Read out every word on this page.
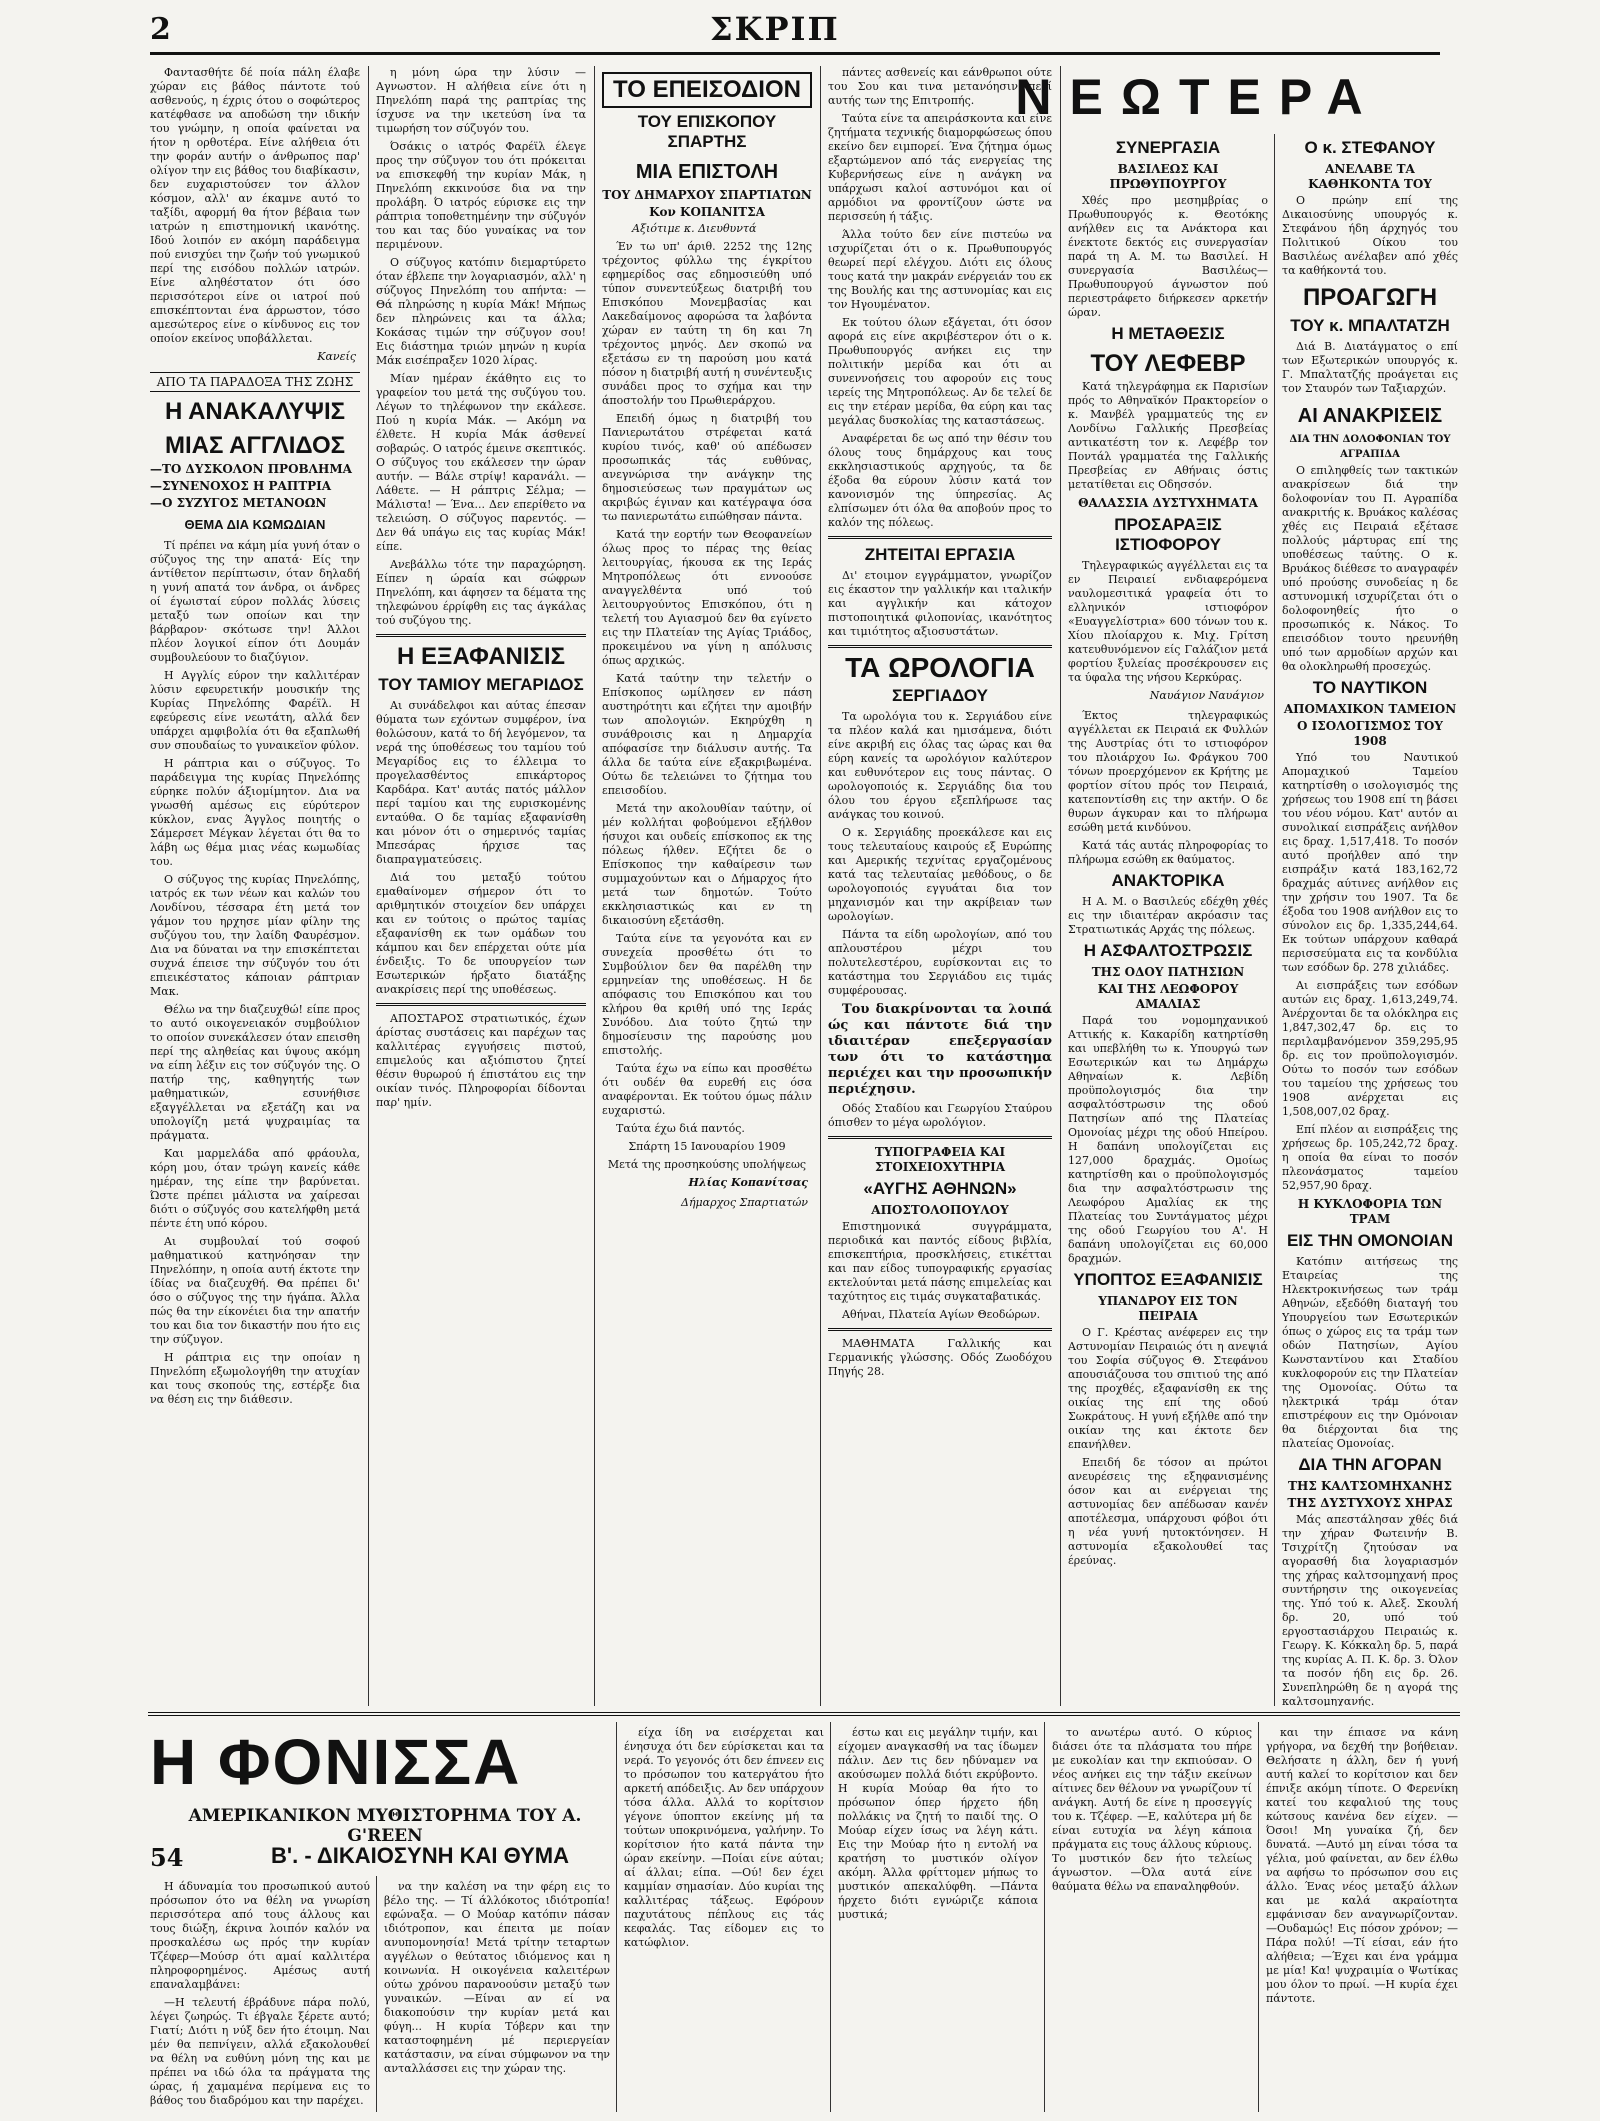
2	ΣΚΡΙΠ

Φαντασθήτε δέ ποία πάλη έλαβε χώραν εις βάθος πάντοτε τού ασθενούς, η έχρις ότου ο σοφώτερος κατέφθασε να αποδώση την ιδικήν του γνώμην, η οποία φαίνεται να ήτον η ορθοτέρα. Είνε αλήθεια ότι την φοράν αυτήν ο άνθρωπος παρ' ολίγον την εις βάθος του διαβίκασιν, δεν ευχαριστούσεν τον άλλον κόσμον, αλλ' αν έκαμνε αυτό το ταξίδι, αφορμή θα ήτον βέβαια των ιατρών η επιστημονική ικανότης. Ιδού λοιπόν εν ακόμη παράδειγμα πού ενισχύει την ζωήν τού γνωμικού περί της εισόδου πολλών ιατρών. Είνε αληθέστατον ότι όσο περισσότεροι είνε οι ιατροί πού επισκέπτονται ένα άρρωστον, τόσο αμεσώτερος είνε ο κίνδυνος εις τον οποίον εκείνος υποβάλλεται.

Κανείς
ΑΠΟ ΤΑ ΠΑΡΑΔΟΞΑ ΤΗΣ ΖΩΗΣ
Η ΑΝΑΚΑΛΥΨΙΣ
ΜΙΑΣ ΑΓΓΛΙΔΟΣ
—ΤΟ ΔΥΣΚΟΛΟΝ ΠΡΟΒΛΗΜΑ
—ΣΥΝΕΝΟΧΟΣ Η ΡΑΠΤΡΙΑ
—Ο ΣΥΖΥΓΟΣ ΜΕΤΑΝΟΩΝ
ΘΕΜΑ ΔΙΑ ΚΩΜΩΔΙΑΝ

Τί πρέπει να κάμη μία γυνή όταν ο σύζυγος της την απατά· Είς την άντίθετον περίπτωσιν, όταν δηλαδή η γυνή απατά τον άνδρα, οι άνδρες οί έγωισταί εύρον πολλάς λύσεις μεταξύ των οποίων και την βάρβαρον· σκότωσε την! Άλλοι πλέον λογικοί είπον ότι Δουμάν συμβουλεύουν το διαζύγιον.

Η Αγγλίς εύρον την καλλιτέραν λύσιν εφευρετικήν μουσικήν της Κυρίας Πηνελόπης Φαρέϊλ. Η εφεύρεσις είνε νεωτάτη, αλλά δεν υπάρχει αμφιβολία ότι θα εξαπλωθή συν σπουδαίως το γυναικεϊον φύλον.

Η ράπτρια και ο σύζυγος. Το παράδειγμα της κυρίας Πηνελόπης εύρηκε πολύν άξιομίμητον. Δια να γνωσθή αμέσως εις εύρύτερον κύκλον, ενας Άγγλος ποιητής ο Σάμερσετ Μέγκαν λέγεται ότι θα το λάβη ως θέμα μιας νέας κωμωδίας του.

Ο σύζυγος της κυρίας Πηνελόπης, ιατρός εκ των νέων και καλών του Λονδίνου, τέσσαρα έτη μετά τον γάμον του ηρχησε μίαν φίλην της συζύγου του, την λαίδη Φαυρέσμον. Δια να δύναται να την επισκέπτεται συχνά έπεισε την σύζυγόν του ότι επιεικέστατος κάποιαν ράπτριαν Μακ.

Θέλω να την διαζευχθώ! είπε προς το αυτό οικογενειακόν συμβούλιον το οποίον συνεκάλεσεν όταν επεισθη περί της αληθείας και ύψους ακόμη να είπη λέξιν εις τον σύζυγόν της. Ο πατήρ της, καθηγητής των μαθηματικών, εσυνήθισε εξαγγέλλεται να εξετάζη και να υπολογίζη μετά ψυχραιμίας τα πράγματα.

Και μαρμελάδα από φράουλα, κόρη μου, όταν τρώγη κανείς κάθε ημέραν, της είπε την βαρύνεται. Ώστε πρέπει μάλιστα να χαίρεσαι διότι ο σύζυγός σου κατελήφθη μετά πέντε έτη υπό κόρου.

Αι συμβουλαί τού σοφού μαθηματικού κατηνόησαν την Πηνελόπην, η οποία αυτή έκτοτε την ίδίας να διαζευχθή. Θα πρέπει δι' όσο ο σύζυγος της την ήγάπα. Άλλα πώς θα την είκονέιει δια την απατήν του και δια τον δικαστήν που ήτο εις την σύζυγον.

Η ράπτρια εις την οποίαν η Πηνελόπη εξωμολογήθη την ατυχίαν και τους σκοπούς της, εστέρξε δια να θέση εις την διάθεσιν.

η μόνη ώρα την λύσιν —Αγνωστον. Η αλήθεια είνε ότι η Πηνελόπη παρά της ραπτρίας της ίσχυσε να την ικετεύση ίνα τα τιμωρήση τον σύζυγόν του.

Όσάκις ο ιατρός Φαρέϊλ έλεγε προς την σύζυγον του ότι πρόκειται να επισκεφθή την κυρίαν Μάκ, η Πηνελόπη εκκινούσε δια να την προλάβη. Ό ιατρός εύρισκε εις την ράπτρια τοποθετημένην την σύζυγόν του και τας δύο γυναίκας να τον περιμένουν.

Ο σύζυγος κατόπιν διεμαρτύρετο όταν έβλεπε την λογαριασμόν, αλλ' η σύζυγος Πηνελόπη του απήντα: — Θά πληρώσης η κυρία Μάκ! Μήπως δεν πληρώνεις και τα άλλα; Κοκάσας τιμών την σύζυγον σου! Εις διάστημα τριών μηνών η κυρία Μάκ εισέπραξεν 1020 λίρας.

Μίαν ημέραν έκάθητο εις το γραφείον του μετά της συζύγου του. Λέγων το τηλέφωνον την εκάλεσε. Πού η κυρία Μάκ. — Ακόμη να έλθετε. Η κυρία Μάκ άσθενεί σοβαρώς. Ο ιατρός έμεινε σκεπτικός. Ο σύζυγος του εκάλεσεν την ώραν αυτήν. — Βάλε στρίψ! καρανάλι. — Λάθετε. — Η ράπτρις Σέλμα; — Μάλιστα! — Ένα... Δεν επερίθετο να τελειώση. Ο σύζυγος παρεντός. — Δεν θά υπάγω εις τας κυρίας Μάκ! είπε.

Ανεβάλλω τότε την παραχώρηση. Είπεν η ώραία και σώφρων Πηνελόπη, και άφησεν τα δέματα της τηλεφώνου έρρίφθη εις τας άγκάλας τού συζύγου της.

Η ΕΞΑΦΑΝΙΣΙΣ
ΤΟΥ ΤΑΜΙΟΥ ΜΕΓΑΡΙΔΟΣ

Αι συνάδελφοι και αύτας έπεσαν θύματα των εχόντων συμφέρον, ίνα θολώσουν, κατά το δή λεγόμενον, τα νερά της ύποθέσεως του ταμίου τού Μεγαρίδος εις το έλλειμα το προγελασθέντος επικάρτορος Καρδάρα. Κατ' αυτάς πατός μάλλον περί ταμίου και της ευρισκομένης ενταύθα. Ο δε ταμίας εξαφανίσθη και μόνον ότι ο σημερινός ταμίας Μπεσάρας ήρχισε τας διαπραγματεύσεις.

Διά του μεταξύ τούτου εμαθαίνομεν σήμερον ότι το αριθμητικόν στοιχείον δεν υπάρχει και εν τούτοις ο πρώτος ταμίας εξαφανίσθη εκ των ομάδων του κάμπου και δεν επέρχεται ούτε μία ένδειξις. Το δε υπουργείον των Εσωτερικών ήρξατο διατάξης ανακρίσεις περί της υποθέσεως.

ΑΠΟΣΤΑΡΟΣ στρατιωτικός, έχων άρίστας συστάσεις και παρέχων τας καλλιτέρας εγγυήσεις πιστού, επιμελούς και αξιόπιστου ζητεί θέσιν θυρωρού ή έπιστάτου εις την οικίαν τινός. Πληροφορίαι δίδονται παρ' ημίν.

ΤΟ ΕΠΕΙΣΟΔΙΟΝ
ΤΟΥ ΕΠΙΣΚΟΠΟΥ ΣΠΑΡΤΗΣ
ΜΙΑ ΕΠΙΣΤΟΛΗ
ΤΟΥ ΔΗΜΑΡΧΟΥ ΣΠΑΡΤΙΑΤΩΝ
Κον ΚΟΠΑΝΙΤΣΑ

Αξιότιμε κ. Διευθυντά

Έν τω υπ' άριθ. 2252 της 12ης τρέχοντος φύλλω της έγκρίτου εφημερίδος σας εδημοσιεύθη υπό τύπον συνεντεύξεως διατριβή του Επισκόπου Μονεμβασίας και Λακεδαίμονος αφορώσα τα λαβόντα χώραν εν ταύτη τη 6η και 7η τρέχοντος μηνός. Δεν σκοπώ να εξετάσω εν τη παρούση μου κατά πόσον η διατριβή αυτή η συνέντευξις συνάδει προς το σχήμα και την άποστολήν του Πρωθιεράρχου.

Επειδή όμως η διατριβή του Πανιερωτάτου στρέφεται κατά κυρίου τινός, καθ' ού απέδωσεν προσωπικάς τάς ευθύνας, ανεγνώρισα την ανάγκην της δημοσιεύσεως των πραγμάτων ως ακριβώς έγιναν και κατέγραψα όσα τω πανιερωτάτω ειπώθησαν πάντα.

Κατά την εορτήν των Θεοφανείων όλως προς το πέρας της θείας λειτουργίας, ήκουσα εκ της Ιεράς Μητροπόλεως ότι εννοούσε αναγγελθέντα υπό τού λειτουργούντος Επισκόπου, ότι η τελετή του Αγιασμού δεν θα εγίνετο εις την Πλατείαν της Αγίας Τριάδος, προκειμένου να γίνη η απόλυσις όπως αρχικώς.

Κατά ταύτην την τελετήν ο Επίσκοπος ωμίλησεν εν πάση αυστηρότητι και εζήτει την αμοιβήν των απολογιών. Εκηρύχθη η συνάθροισις και η Δημαρχία απόφασίσε την διάλυσιν αυτής. Τα άλλα δε ταύτα είνε εξακριβωμένα. Ούτω δε τελειώνει το ζήτημα του επεισοδίου.

Μετά την ακολουθίαν ταύτην, οί μέν κολλήται φοβούμενοι εξήλθον ήσυχοι και ουδείς επίσκοπος εκ της πόλεως ήλθεν. Εζήτει δε ο Επίσκοπος την καθαίρεσιν των συμμαχούντων και ο Δήμαρχος ήτο μετά των δημοτών. Τούτο εκκλησιαστικώς και εν τη δικαιοσύνη εξετάσθη.

Ταύτα είνε τα γεγονότα και εν συνεχεία προσθέτω ότι το Συμβούλιον δεν θα παρέλθη την ερμηνείαν της υποθέσεως. Η δε απόφασις του Επισκόπου και του κλήρου θα κριθή υπό της Ιεράς Συνόδου. Δια τούτο ζητώ την δημοσίευσιν της παρούσης μου επιστολής.

Ταύτα έχω να είπω και προσθέτω ότι ουδέν θα ευρεθή εις όσα αναφέρονται. Εκ τούτου όμως πάλιν ευχαριστώ.

Ταύτα έχω διά παντός.

Σπάρτη 15 Ιανουαρίου 1909
Μετά της προσηκούσης υπολήψεως
Ηλίας Κοπανίτσας
Δήμαρχος Σπαρτιατών

πάντες ασθενείς και εάνθρωποι ούτε του Σου και τινα μετανόησιν περί αυτής των της Επιτροπής.

Ταύτα είνε τα απειράσκοντα και είνε ζητήματα τεχνικής διαμορφώσεως όπου εκείνο δεν ειμπορεί. Ένα ζήτημα όμως εξαρτώμενον από τάς ενεργείας της Κυβερνήσεως είνε η ανάγκη να υπάρχωσι καλοί αστυνόμοι και οί αρμόδιοι να φροντίζουν ώστε να περισσεύη ή τάξις.

Άλλα τούτο δεν είνε πιστεύω να ισχυρίζεται ότι ο κ. Πρωθυπουργός θεωρεί περί ελέγχου. Διότι εις όλους τους κατά την μακράν ενέργειάν του εκ της Βουλής και της αστυνομίας και εις τον Ηγουμένατον.

Εκ τούτου όλων εξάγεται, ότι όσον αφορά εις είνε ακριβέστερον ότι ο κ. Πρωθυπουργός ανήκει εις την πολιτικήν μερίδα και ότι αι συνεννοήσεις του αφορούν εις τους ιερείς της Μητροπόλεως. Αν δε τελεί δε εις την ετέραν μερίδα, θα εύρη και τας μεγάλας δυσκολίας της καταστάσεως.

Αναφέρεται δε ως από την θέσιν του όλους τους δημάρχους και τους εκκλησιαστικούς αρχηγούς, τα δε έξοδα θα εύρουν λύσιν κατά τον κανονισμόν της ύπηρεσίας. Ας ελπίσωμεν ότι όλα θα αποβούν προς το καλόν της πόλεως.

ΖΗΤΕΙΤΑΙ ΕΡΓΑΣΙΑ

Δι' ετοιμον εγγράμματον, γνωρίζον εις έκαστον την γαλλικήν και ιταλικήν και αγγλικήν και κάτοχον πιστοποιητικά φιλοπονίας, ικανότητος και τιμιότητος αξιοσυστάτων.

ΤΑ ΩΡΟΛΟΓΙΑ
ΣΕΡΓΙΑΔΟΥ

Τα ωρολόγια του κ. Σεργιάδου είνε τα πλέον καλά και ημισάμενα, διότι είνε ακριβή εις όλας τας ώρας και θα εύρη κανείς τα ωρολόγιον καλύτερον και ευθυνότερον εις τους πάντας. Ο ωρολογοποιός κ. Σεργιάδης δια του όλου του έργου εξεπλήρωσε τας ανάγκας του κοινού.

Ο κ. Σεργιάδης προεκάλεσε και εις τους τελευταίους καιρούς εξ Ευρώπης και Αμερικής τεχνίτας εργαζομένους κατά τας τελευταίας μεθόδους, ο δε ωρολογοποιός εγγυάται δια τον μηχανισμόν και την ακρίβειαν των ωρολογίων.

Πάντα τα είδη ωρολογίων, από του απλουστέρου μέχρι του πολυτελεστέρου, ευρίσκονται εις το κατάστημα του Σεργιάδου εις τιμάς συμφέρουσας.

Του διακρίνονται τα λοιπά ώς και πάντοτε διά την ιδιαιτέραν επεξεργασίαν των ότι το κατάστημα περιέχει και την προσωπικήν περιέχησιν.

Οδός Σταδίου και Γεωργίου Σταύρου όπισθεν το μέγα ωρολόγιον.

ΤΥΠΟΓΡΑΦΕΙΑ ΚΑΙ ΣΤΟΙΧΕΙΟΧΥΤΗΡΙΑ
«ΑΥΓΗΣ ΑΘΗΝΩΝ»
ΑΠΟΣΤΟΛΟΠΟΥΛΟΥ

Επιστημονικά συγγράμματα, περιοδικά και παντός είδους βιβλία, επισκεπτήρια, προσκλήσεις, ετικέτται και παν είδος τυπογραφικής εργασίας εκτελούνται μετά πάσης επιμελείας και ταχύτητος εις τιμάς συγκαταβατικάς.

Αθήναι, Πλατεία Αγίων Θεοδώρων.

ΜΑΘΗΜΑΤΑ Γαλλικής και Γερμανικής γλώσσης. Οδός Ζωοδόχου Πηγής 28.

ΝΕΩΤΕΡΑ
ΣΥΝΕΡΓΑΣΙΑ
ΒΑΣΙΛΕΩΣ ΚΑΙ ΠΡΩΘΥΠΟΥΡΓΟΥ

Χθές προ μεσημβρίας ο Πρωθυπουργός κ. Θεοτόκης ανήλθεν εις τα Ανάκτορα και ένεκτοτε δεκτός εις συνεργασίαν παρά τη Α. Μ. τω Βασιλεί. Η συνεργασία Βασιλέως—Πρωθυπουργού άγνωστον πού περιεστράφετο διήρκεσεν αρκετήν ώραν.

Η ΜΕΤΑΘΕΣΙΣ
ΤΟΥ ΛΕΦΕΒΡ

Κατά τηλεγράφημα εκ Παρισίων πρός το Αθηναϊκόν Πρακτορείον ο κ. Μανβέλ γραμματεύς της εν Λονδίνω Γαλλικής Πρεσβείας αντικατέστη τον κ. Λεφέβρ τον Ποντάλ γραμματέα της Γαλλικής Πρεσβείας εν Αθήναις όστις μετατίθεται εις Οδησσόν.

ΘΑΛΑΣΣΙΑ ΔΥΣΤΥΧΗΜΑΤΑ
ΠΡΟΣΑΡΑΞΙΣ ΙΣΤΙΟΦΟΡΟΥ

Τηλεγραφικώς αγγέλλεται εις τα εν Πειραιεί ενδιαφερόμενα ναυλομεσιτικά γραφεία ότι το ελληνικόν ιστιοφόρον «Ευαγγελίστρια» 600 τόνων του κ. Χίου πλοίαρχου κ. Μιχ. Γρίτση κατευθυνόμενον είς Γαλάζιον μετά φορτίου ξυλείας προσέκρουσεν εις τα ύφαλα της νήσου Κερκύρας.

Ναυάγιον Ναυάγιον

Έκτος τηλεγραφικώς αγγέλλεται εκ Πειραιά εκ Φυλλών της Αυστρίας ότι το ιστιοφόρον του πλοιάρχου Ιω. Φράγκου 700 τόνων προερχόμενον εκ Κρήτης με φορτίον σίτου πρός τον Πειραιά, κατεποντίσθη εις την ακτήν. Ο δε θυρων άγκυραν και το πλήρωμα εσώθη μετά κινδύνου.

Κατά τάς αυτάς πληροφορίας το πλήρωμα εσώθη εκ θαύματος.

ΑΝΑΚΤΟΡΙΚΑ

Η Α. Μ. ο Βασιλεύς εδέχθη χθές εις την ιδιαιτέραν ακρόασιν τας Στρατιωτικάς Αρχάς της πόλεως.

Η ΑΣΦΑΛΤΟΣΤΡΩΣΙΣ
ΤΗΣ ΟΔΟΥ ΠΑΤΗΣΙΩΝ
ΚΑΙ ΤΗΣ ΛΕΩΦΟΡΟΥ ΑΜΑΛΙΑΣ

Παρά του νομομηχανικού Αττικής κ. Κακαρίδη κατηρτίσθη και υπεβλήθη τω κ. Υπουργώ των Εσωτερικών και τω Δημάρχω Αθηναίων κ. Λεβίδη προϋπολογισμός δια την ασφαλτόστρωσιν της οδού Πατησίων από της Πλατείας Ομονοίας μέχρι της οδού Ηπείρου. Η δαπάνη υπολογίζεται εις 127,000 δραχμάς. Ομοίως κατηρτίσθη και ο προϋπολογισμός δια την ασφαλτόστρωσιν της Λεωφόρου Αμαλίας εκ της Πλατείας του Συντάγματος μέχρι της οδού Γεωργίου του Α'. Η δαπάνη υπολογίζεται εις 60,000 δραχμών.

ΥΠΟΠΤΟΣ ΕΞΑΦΑΝΙΣΙΣ
ΥΠΑΝΔΡΟΥ ΕΙΣ ΤΟΝ ΠΕΙΡΑΙΑ

Ο Γ. Κρέστας ανέφερεν εις την Αστυνομίαν Πειραιώς ότι η ανεψιά του Σοφία σύζυγος Θ. Στεφάνου απουσιάζουσα του σπιτιού της από της προχθές, εξαφανίσθη εκ της οικίας της επί της οδού Σωκράτους. Η γυνή εξήλθε από την οικίαν της και έκτοτε δεν επανήλθεν.

Επειδή δε τόσον αι πρώτοι ανευρέσεις της εξηφανισμένης όσον και αι ενέργειαι της αστυνομίας δεν απέδωσαν κανέν αποτέλεσμα, υπάρχουσι φόβοι ότι η νέα γυνή ηυτοκτόνησεν. Η αστυνομία εξακολουθεί τας έρεύνας.

Ο κ. ΣΤΕΦΑΝΟΥ
ΑΝΕΛΑΒΕ ΤΑ ΚΑΘΗΚΟΝΤΑ ΤΟΥ

Ο πρώην επί της Δικαιοσύνης υπουργός κ. Στεφάνου ήδη άρχηγός του Πολιτικού Οίκου του Βασιλέως ανέλαβεν από χθές τα καθήκοντά του.

ΠΡΟΑΓΩΓΗ
ΤΟΥ κ. ΜΠΑΛΤΑΤΖΗ

Διά Β. Διατάγματος ο επί των Εξωτερικών υπουργός κ. Γ. Μπαλτατζής προάγεται εις τον Σταυρόν των Ταξιαρχών.

ΑΙ ΑΝΑΚΡΙΣΕΙΣ
ΔΙΑ ΤΗΝ ΔΟΛΟΦΟΝΙΑΝ ΤΟΥ ΑΓΡΑΠΙΔΑ

Ο επιληφθείς των τακτικών ανακρίσεων διά την δολοφονίαν του Π. Αγραπίδα ανακριτής κ. Βρυάκος καλέσας χθές εις Πειραιά εξέτασε πολλούς μάρτυρας επί της υποθέσεως ταύτης. Ο κ. Βρυάκος διέθεσε το αναγραφέν υπό προύσης συνοδείας η δε αστυνομική ισχυρίζεται ότι ο δολοφονηθείς ήτο ο προσωπικός κ. Νάκος. Το επεισόδιον τουτο ηρευνήθη υπό των αρμοδίων αρχών και θα ολοκληρωθή προσεχώς.

ΤΟ ΝΑΥΤΙΚΟΝ
ΑΠΟΜΑΧΙΚΟΝ ΤΑΜΕΙΟΝ
Ο ΙΣΟΛΟΓΙΣΜΟΣ ΤΟΥ 1908

Υπό του Ναυτικού Απομαχικού Ταμείου κατηρτίσθη ο ισολογισμός της χρήσεως του 1908 επί τη βάσει του νέου νόμου. Κατ' αυτόν αι συνολικαί εισπράξεις ανήλθον εις δραχ. 1,517,418. Το ποσόν αυτό προήλθεν από την εισπράξιν κατά 183,162,72 δραχμάς αύτινες ανήλθον εις την χρήσιν του 1907. Τα δε έξοδα του 1908 ανήλθον εις το σύνολον εις δρ. 1,335,244,64. Εκ τούτων υπάρχουν καθαρά περισσεύματα εις τα κονδύλια των εσόδων δρ. 278 χιλιάδες.

Αι εισπράξεις των εσόδων αυτών εις δραχ. 1,613,249,74. Άνέρχονται δε τα ολόκληρα εις 1,847,302,47 δρ. εις το περιλαμβανόμενον 359,295,95 δρ. εις τον προϋπολογισμόν. Ούτω το ποσόν των εσόδων του ταμείου της χρήσεως του 1908 ανέρχεται εις 1,508,007,02 δραχ.

Επί πλέον αι εισπράξεις της χρήσεως δρ. 105,242,72 δραχ. η οποία θα είναι το ποσόν πλεονάσματος ταμείου 52,957,90 δραχ.

Η ΚΥΚΛΟΦΟΡΙΑ ΤΩΝ ΤΡΑΜ
ΕΙΣ ΤΗΝ ΟΜΟΝΟΙΑΝ

Κατόπιν αιτήσεως της Εταιρείας της Ηλεκτροκινήσεως των τράμ Αθηνών, εξεδόθη διαταγή του Υπουργείου των Εσωτερικών όπως ο χώρος εις τα τράμ των οδών Πατησίων, Αγίου Κωνσταντίνου και Σταδίου κυκλοφορούν εις την Πλατείαν της Ομονοίας. Ούτω τα ηλεκτρικά τράμ όταν επιστρέφουν εις την Ομόνοιαν θα διέρχονται δια της πλατείας Ομονοίας.

ΔΙΑ ΤΗΝ ΑΓΟΡΑΝ
ΤΗΣ ΚΑΛΤΣΟΜΗΧΑΝΗΣ
ΤΗΣ ΔΥΣΤΥΧΟΥΣ ΧΗΡΑΣ

Μάς απεστάλησαν χθές διά την χήραν Φωτεινήν Β. Τσιχρίτζη ζητούσαν να αγορασθή δια λογαριασμόν της χήρας καλτσομηχανή προς συντήρησιν της οικογενείας της. Υπό τού κ. Αλεξ. Σκουλή δρ. 20, υπό τού εργοστασιάρχου Πειραιώς κ. Γεωργ. Κ. Κόκκαλη δρ. 5, παρά της κυρίας Α. Π. Κ. δρ. 3. Όλον τα ποσόν ήδη εις δρ. 26. Συνεπληρώθη δε η αγορά της καλτσομηχανής.

Η ΦΟΝΙΣΣΑ
ΑΜΕΡΙΚΑΝΙΚΟΝ ΜΥΘΙΣΤΟΡΗΜΑ ΤΟΥ Α. G'REEN
54	Β'. - ΔΙΚΑΙΟΣΥΝΗ ΚΑΙ ΘΥΜΑ

Η άδυναμία του προσωπικού αυτού πρόσωπον ότο να θέλη να γνωρίση περισσότερα από τους άλλους και τους διώξη, έκρινα λοιπόν καλόν να προσκαλέσω ως πρός την κυρίαν Τζέφερ—Μούσρ ότι αμαί καλλιτέρα πληροφορημένος. Αμέσως αυτή επαναλαμβάνει:

—Η τελευτή έβράδυνε πάρα πολύ, λέγει ζωηρώς. Τι έβγαλε ξέρετε αυτό; Γιατί; Διότι η νύξ δεν ήτο έτοιμη. Ναι μέν θα πεπνίγειν, αλλά εξακολουθεί να θέλη να ευθύνη μόνη της και με πρέπει να ιδώ όλα τα πράγματα της ώρας, ή χαμαμένα περίμενα εις το βάθος του διαδρόμου και την παρέχει.

να την καλέση να την φέρη εις το βέλο της. — Τί άλλόκοτος ιδιότροπία! εφώναξα. — Ο Μούαρ κατόπιν πάσαν ιδιότροπον, και έπειτα με ποίαν ανυπομονησία! Μετά τρίτην τεταρτων αγγέλων ο θεύτατος ιδιόμενος και η κοινωνία. Η οικογένεια καλειτέρων ούτω χρόνου παρανοούσιν μεταξύ των γυναικών. —Είναι αν εί να διακοπούσιν την κυρίαν μετά και φύγη... Η κυρία Τόβερν και την καταστοφημένη μέ περιεργείαν κατάστασιν, να είναι σύμφωνον να την ανταλλάσσει εις την χώραν της.

είχα ίδη να εισέρχεται και ένησυχα ότι δεν εύρίσκεται και τα νερά. Το γεγονός ότι δεν έπνεεν εις το πρόσωπον του κατεργάτου ήτο αρκετή απόδειξις. Αν δεν υπάρχουν τόσα άλλα. Αλλά το κορίτσιον γέγονε ύποπτον εκείνης μή τα τούτων υποκρινόμενα, γαλήνην. Το κορίτσιον ήτο κατά πάντα την ώραν εκείνην. —Ποίαι είνε αύται; αί άλλαι; είπα. —Ού! δεν έχει καμμίαν σημασίαν. Δύο κυρίαι της καλλιτέρας τάξεως. Εφόρουν παχυτάτους πέπλους εις τάς κεφαλάς. Τας είδομεν εις το κατώφλιον.

έστω και εις μεγάλην τιμήν, και είχομεν αναγκασθή να τας ίδωμεν πάλιν. Δεν τις δεν ηδύναμεν να ακούσωμεν πολλά διότι εκρύβοντο. Η κυρία Μούαρ θα ήτο το πρόσωπον όπερ ήρχετο ήδη πολλάκις να ζητή το παιδί της. Ο Μούαρ είχεν ίσως να λέγη κάτι. Εις την Μούαρ ήτο η εντολή να κρατήση το μυστικόν ολίγον ακόμη. Άλλα φρίττομεν μήπως το μυστικόν απεκαλύφθη. —Πάντα ήρχετο διότι εγνώριζε κάποια μυστικά;

το ανωτέρω αυτό. Ο κύριος διάσει ότε τα πλάσματα του πήρε με ευκολίαν και την εκπιούσαν. Ο νέος ανήκει εις την τάξιν εκείνων αίτινες δεν θέλουν να γνωρίζουν τί ανάγκη. Αυτή δε είνε η προσεγγίς του κ. Τζέφερ. —Ε, καλύτερα μή δε είναι ευτυχία να λέγη κάποια πράγματα εις τους άλλους κύριους. Το μυστικόν δεν ήτο τελείως άγνωστον. —Όλα αυτά είνε θαύματα θέλω να επαναληφθούν.

και την έπιασε να κάνη γρήγορα, να δεχθή την βοήθειαν. Θελήσατε η άλλη, δεν ή γυνή αυτή καλεί το κορίτσιον και δεν έπνιξε ακόμη τίποτε. Ο Φερενίκη κατεί του κεφαλιού της τους κώτσους κανένα δεν είχεν. —Όσοι! Μη γυναίκα ζή, δεν δυνατά. —Αυτό μη είναι τόσα τα γέλια, μού φαίνεται, αν δεν έλθω να αφήσω το πρόσωπον σου εις άλλο. Ένας νέος μεταξύ άλλων και με καλά ακραίοτητα εμφάνισαν δεν αναγνωρίζονταν. —Ουδαμώς! Εις πόσον χρόνον; —Πάρα πολύ! —Τί είσαι, εάν ήτο αλήθεια; —Έχει και ένα γράμμα με μία! Κα! ψυχραιμία ο Ψωτίκας μου όλον το πρωί. —Η κυρία έχει πάντοτε.
